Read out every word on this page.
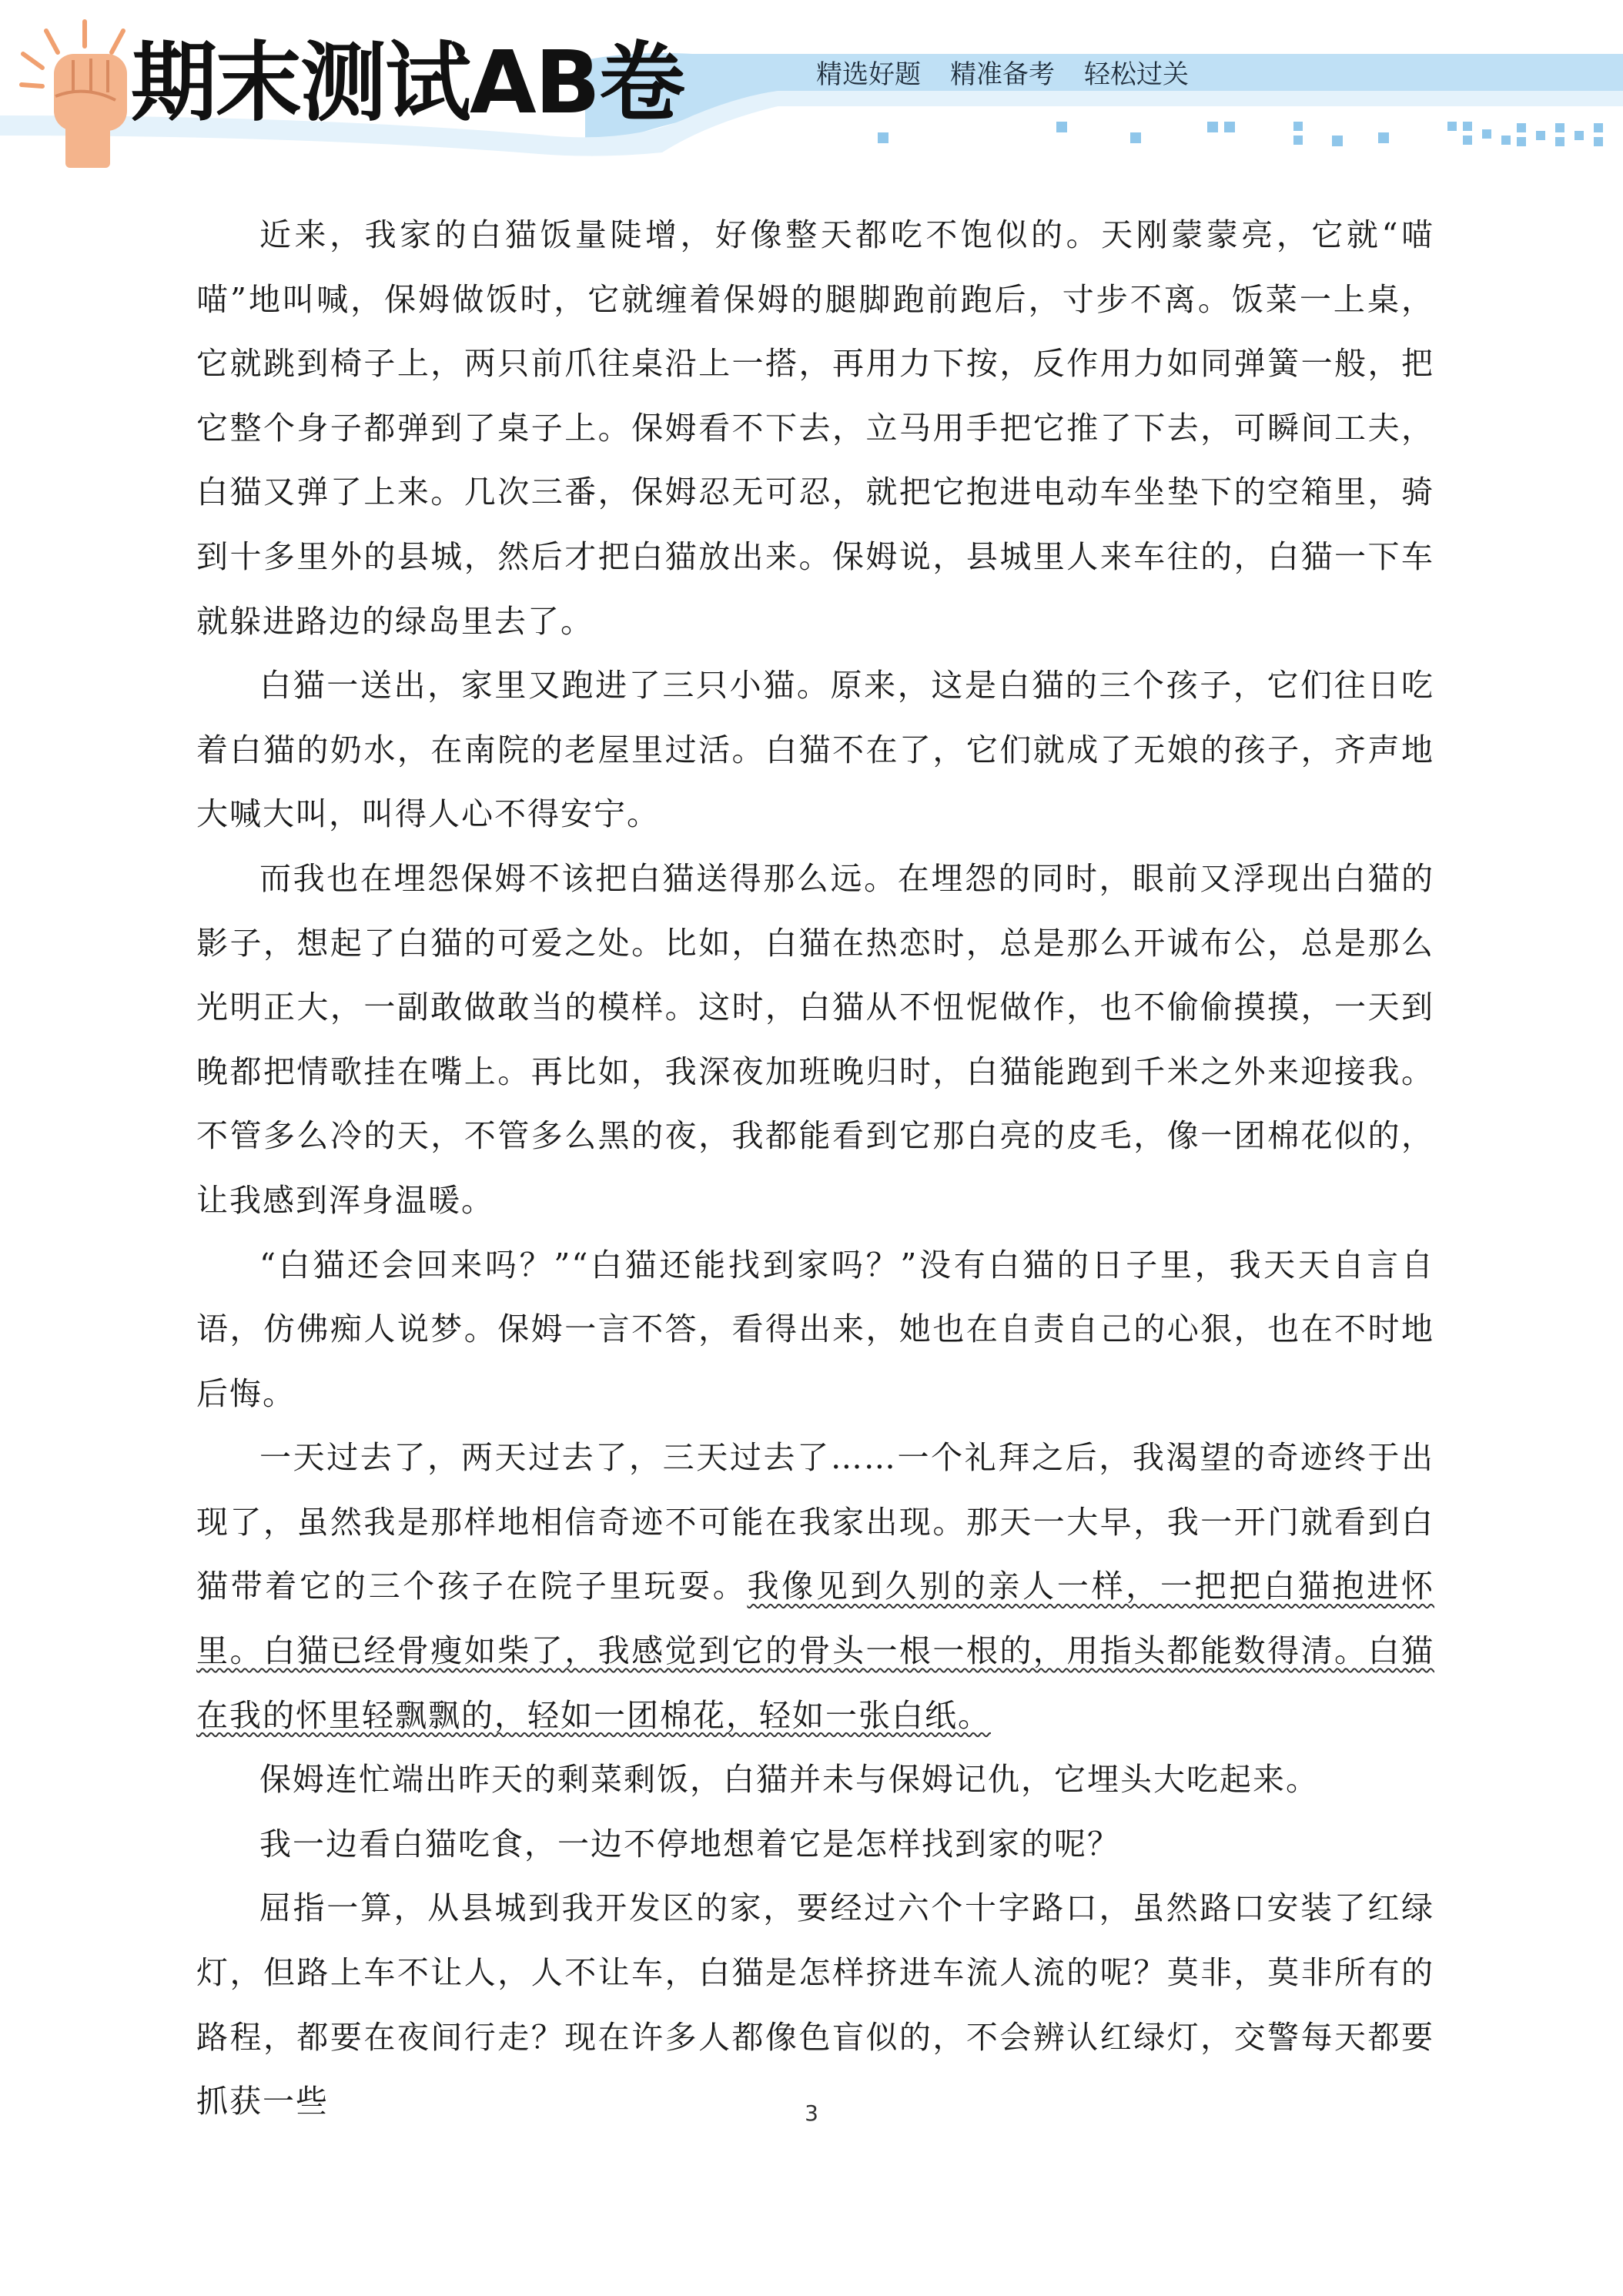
期末测试AB卷	精选好题 精准备考 轻松过关

近来，我家的白猫饭量陡增，好像整天都吃不饱似的。天刚蒙蒙亮，它就“喵喵”地叫喊，保姆做饭时，它就缠着保姆的腿脚跑前跑后，寸步不离。饭菜一上桌，它就跳到椅子上，两只前爪往桌沿上一搭，再用力下按，反作用力如同弹簧一般，把它整个身子都弹到了桌子上。保姆看不下去，立马用手把它推了下去，可瞬间工夫，白猫又弹了上来。几次三番，保姆忍无可忍，就把它抱进电动车坐垫下的空箱里，骑到十多里外的县城，然后才把白猫放出来。保姆说，县城里人来车往的，白猫一下车就躲进路边的绿岛里去了。

白猫一送出，家里又跑进了三只小猫。原来，这是白猫的三个孩子，它们往日吃着白猫的奶水，在南院的老屋里过活。白猫不在了，它们就成了无娘的孩子，齐声地大喊大叫，叫得人心不得安宁。

而我也在埋怨保姆不该把白猫送得那么远。在埋怨的同时，眼前又浮现出白猫的影子，想起了白猫的可爱之处。比如，白猫在热恋时，总是那么开诚布公，总是那么光明正大，一副敢做敢当的模样。这时，白猫从不忸怩做作，也不偷偷摸摸，一天到晚都把情歌挂在嘴上。再比如，我深夜加班晚归时，白猫能跑到千米之外来迎接我。不管多么冷的天，不管多么黑的夜，我都能看到它那白亮的皮毛，像一团棉花似的，让我感到浑身温暖。

“白猫还会回来吗？”“白猫还能找到家吗？”没有白猫的日子里，我天天自言自语，仿佛痴人说梦。保姆一言不答，看得出来，她也在自责自己的心狠，也在不时地后悔。

一天过去了，两天过去了，三天过去了……一个礼拜之后，我渴望的奇迹终于出现了，虽然我是那样地相信奇迹不可能在我家出现。那天一大早，我一开门就看到白猫带着它的三个孩子在院子里玩耍。我像见到久别的亲人一样，一把把白猫抱进怀里。白猫已经骨瘦如柴了，我感觉到它的骨头一根一根的，用指头都能数得清。白猫在我的怀里轻飘飘的，轻如一团棉花，轻如一张白纸。

保姆连忙端出昨天的剩菜剩饭，白猫并未与保姆记仇，它埋头大吃起来。

我一边看白猫吃食，一边不停地想着它是怎样找到家的呢？

屈指一算，从县城到我开发区的家，要经过六个十字路口，虽然路口安装了红绿灯，但路上车不让人，人不让车，白猫是怎样挤进车流人流的呢？莫非，莫非所有的路程，都要在夜间行走？现在许多人都像色盲似的，不会辨认红绿灯，交警每天都要抓获一些	3
